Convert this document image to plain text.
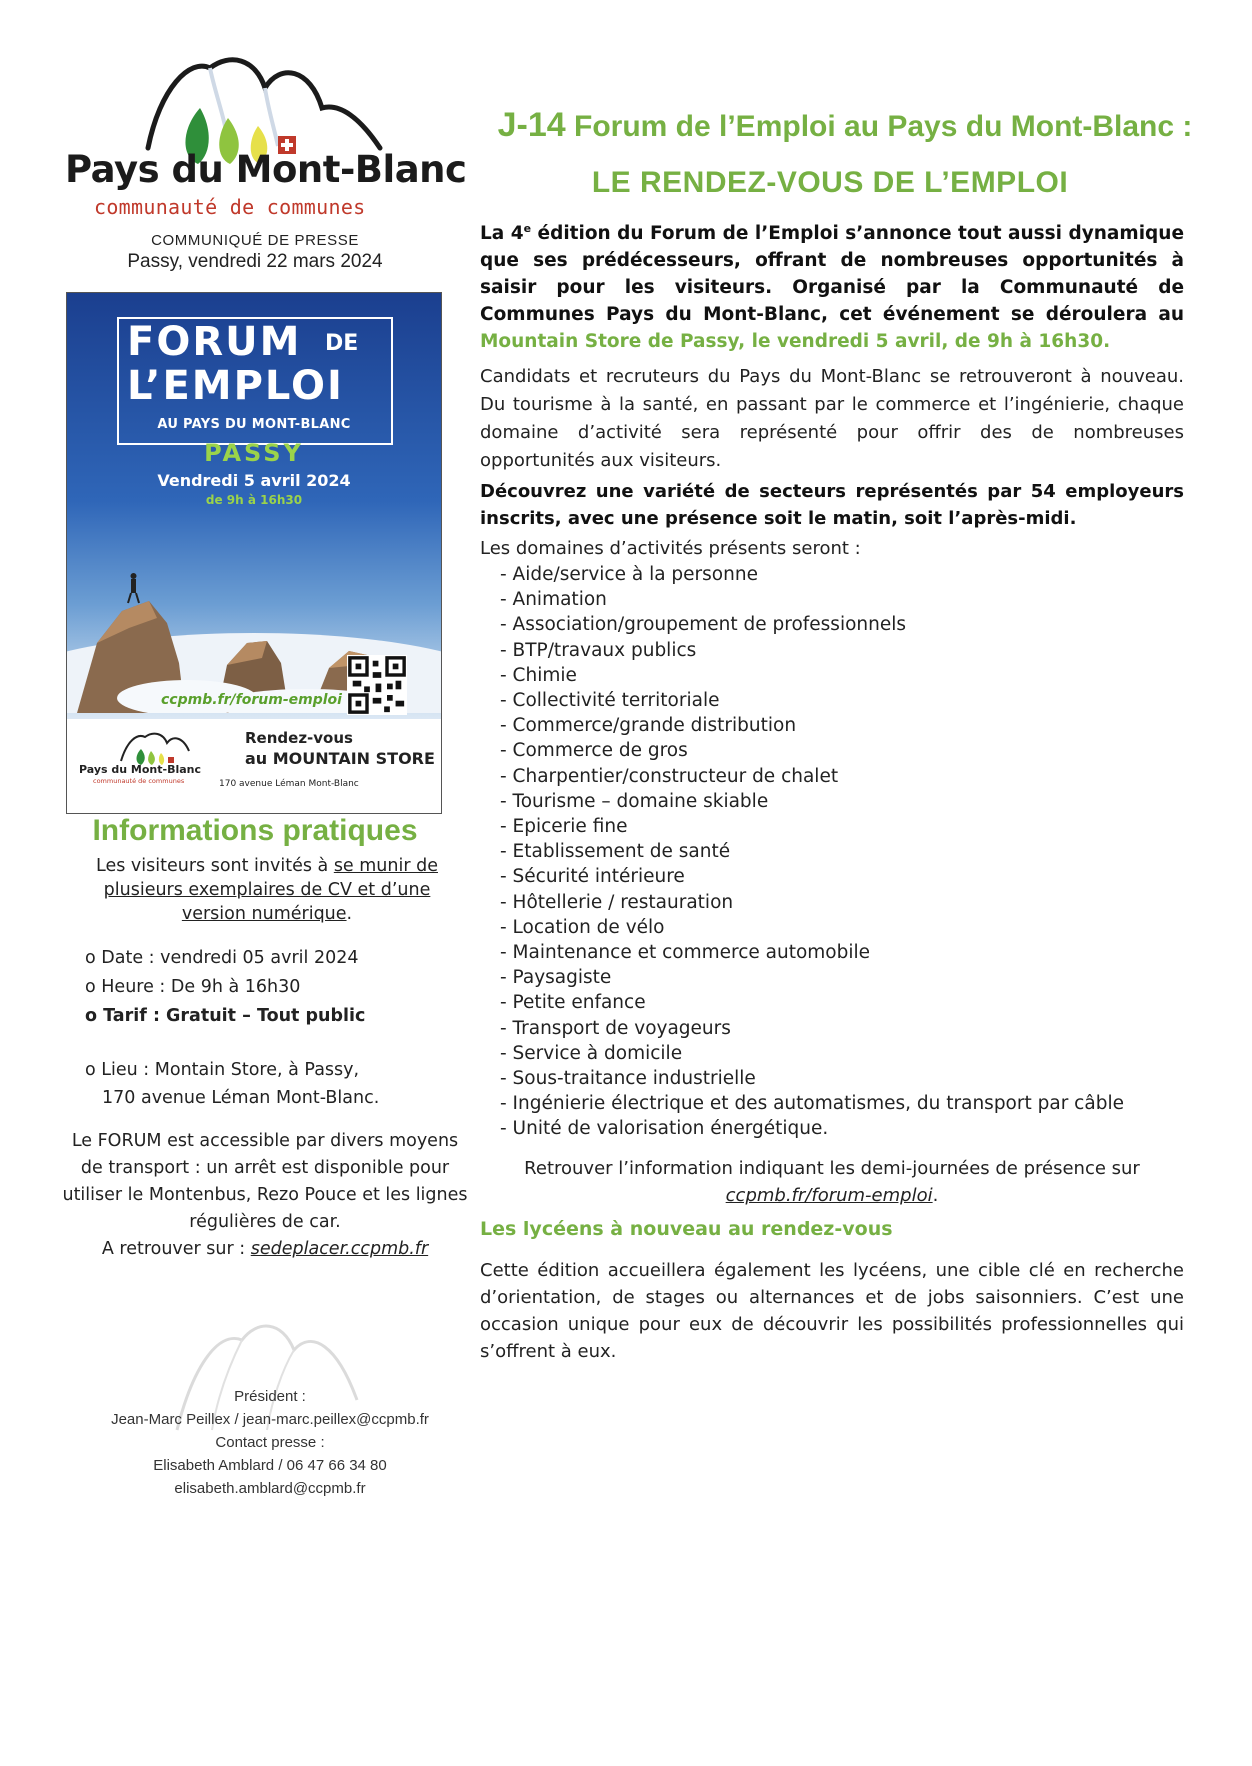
Pays du Mont-Blanc
communauté de communes
COMMUNIQUÉ DE PRESSE
Passy, vendredi 22 mars 2024
FORUM	DE
L’EMPLOI
AU PAYS DU MONT-BLANC
PASSY
Vendredi 5 avril 2024
de 9h à 16h30
ccpmb.fr/forum-emploi
Pays du Mont-Blanc
communauté de communes
Rendez-vous
au MOUNTAIN STORE
170 avenue Léman Mont-Blanc
Informations pratiques
Les visiteurs sont invités à se munir de plusieurs exemplaires de CV et d’une version numérique.
o Date : vendredi 05 avril 2024
o Heure : De 9h à 16h30
o Tarif : Gratuit – Tout public
o Lieu : Montain Store, à Passy,
170 avenue Léman Mont-Blanc.
Le FORUM est accessible par divers moyens de transport : un arrêt est disponible pour utiliser le Montenbus, Rezo Pouce et les lignes régulières de car.
A retrouver sur : sedeplacer.ccpmb.fr
Président :
Jean-Marc Peillex / jean-marc.peillex@ccpmb.fr
Contact presse :
Elisabeth Amblard / 06 47 66 34 80
elisabeth.amblard@ccpmb.fr
J-14 Forum de l’Emploi au Pays du Mont-Blanc :
LE RENDEZ-VOUS DE L’EMPLOI
La 4e édition du Forum de l’Emploi s’annonce tout aussi dynamique que ses prédécesseurs, offrant de nombreuses opportunités à saisir pour les visiteurs. Organisé par la Communauté de Communes Pays du Mont-Blanc, cet événement se déroulera au Mountain Store de Passy, le vendredi 5 avril, de 9h à 16h30.
Candidats et recruteurs du Pays du Mont-Blanc se retrouveront à nouveau. Du tourisme à la santé, en passant par le commerce et l’ingénierie, chaque domaine d’activité sera représenté pour offrir des de nombreuses opportunités aux visiteurs.
Découvrez une variété de secteurs représentés par 54 employeurs inscrits, avec une présence soit le matin, soit l’après-midi.
Les domaines d’activités présents seront :
- Aide/service à la personne
- Animation
- Association/groupement de professionnels
- BTP/travaux publics
- Chimie
- Collectivité territoriale
- Commerce/grande distribution
- Commerce de gros
- Charpentier/constructeur de chalet
- Tourisme – domaine skiable
- Epicerie fine
- Etablissement de santé
- Sécurité intérieure
- Hôtellerie / restauration
- Location de vélo
- Maintenance et commerce automobile
- Paysagiste
- Petite enfance
- Transport de voyageurs
- Service à domicile
- Sous-traitance industrielle
- Ingénierie électrique et des automatismes, du transport par câble
- Unité de valorisation énergétique.
Retrouver l’information indiquant les demi-journées de présence sur
ccpmb.fr/forum-emploi.
Les lycéens à nouveau au rendez-vous
Cette édition accueillera également les lycéens, une cible clé en recherche d’orientation, de stages ou alternances et de jobs saisonniers. C’est une occasion unique pour eux de découvrir les possibilités professionnelles qui s’offrent à eux.
